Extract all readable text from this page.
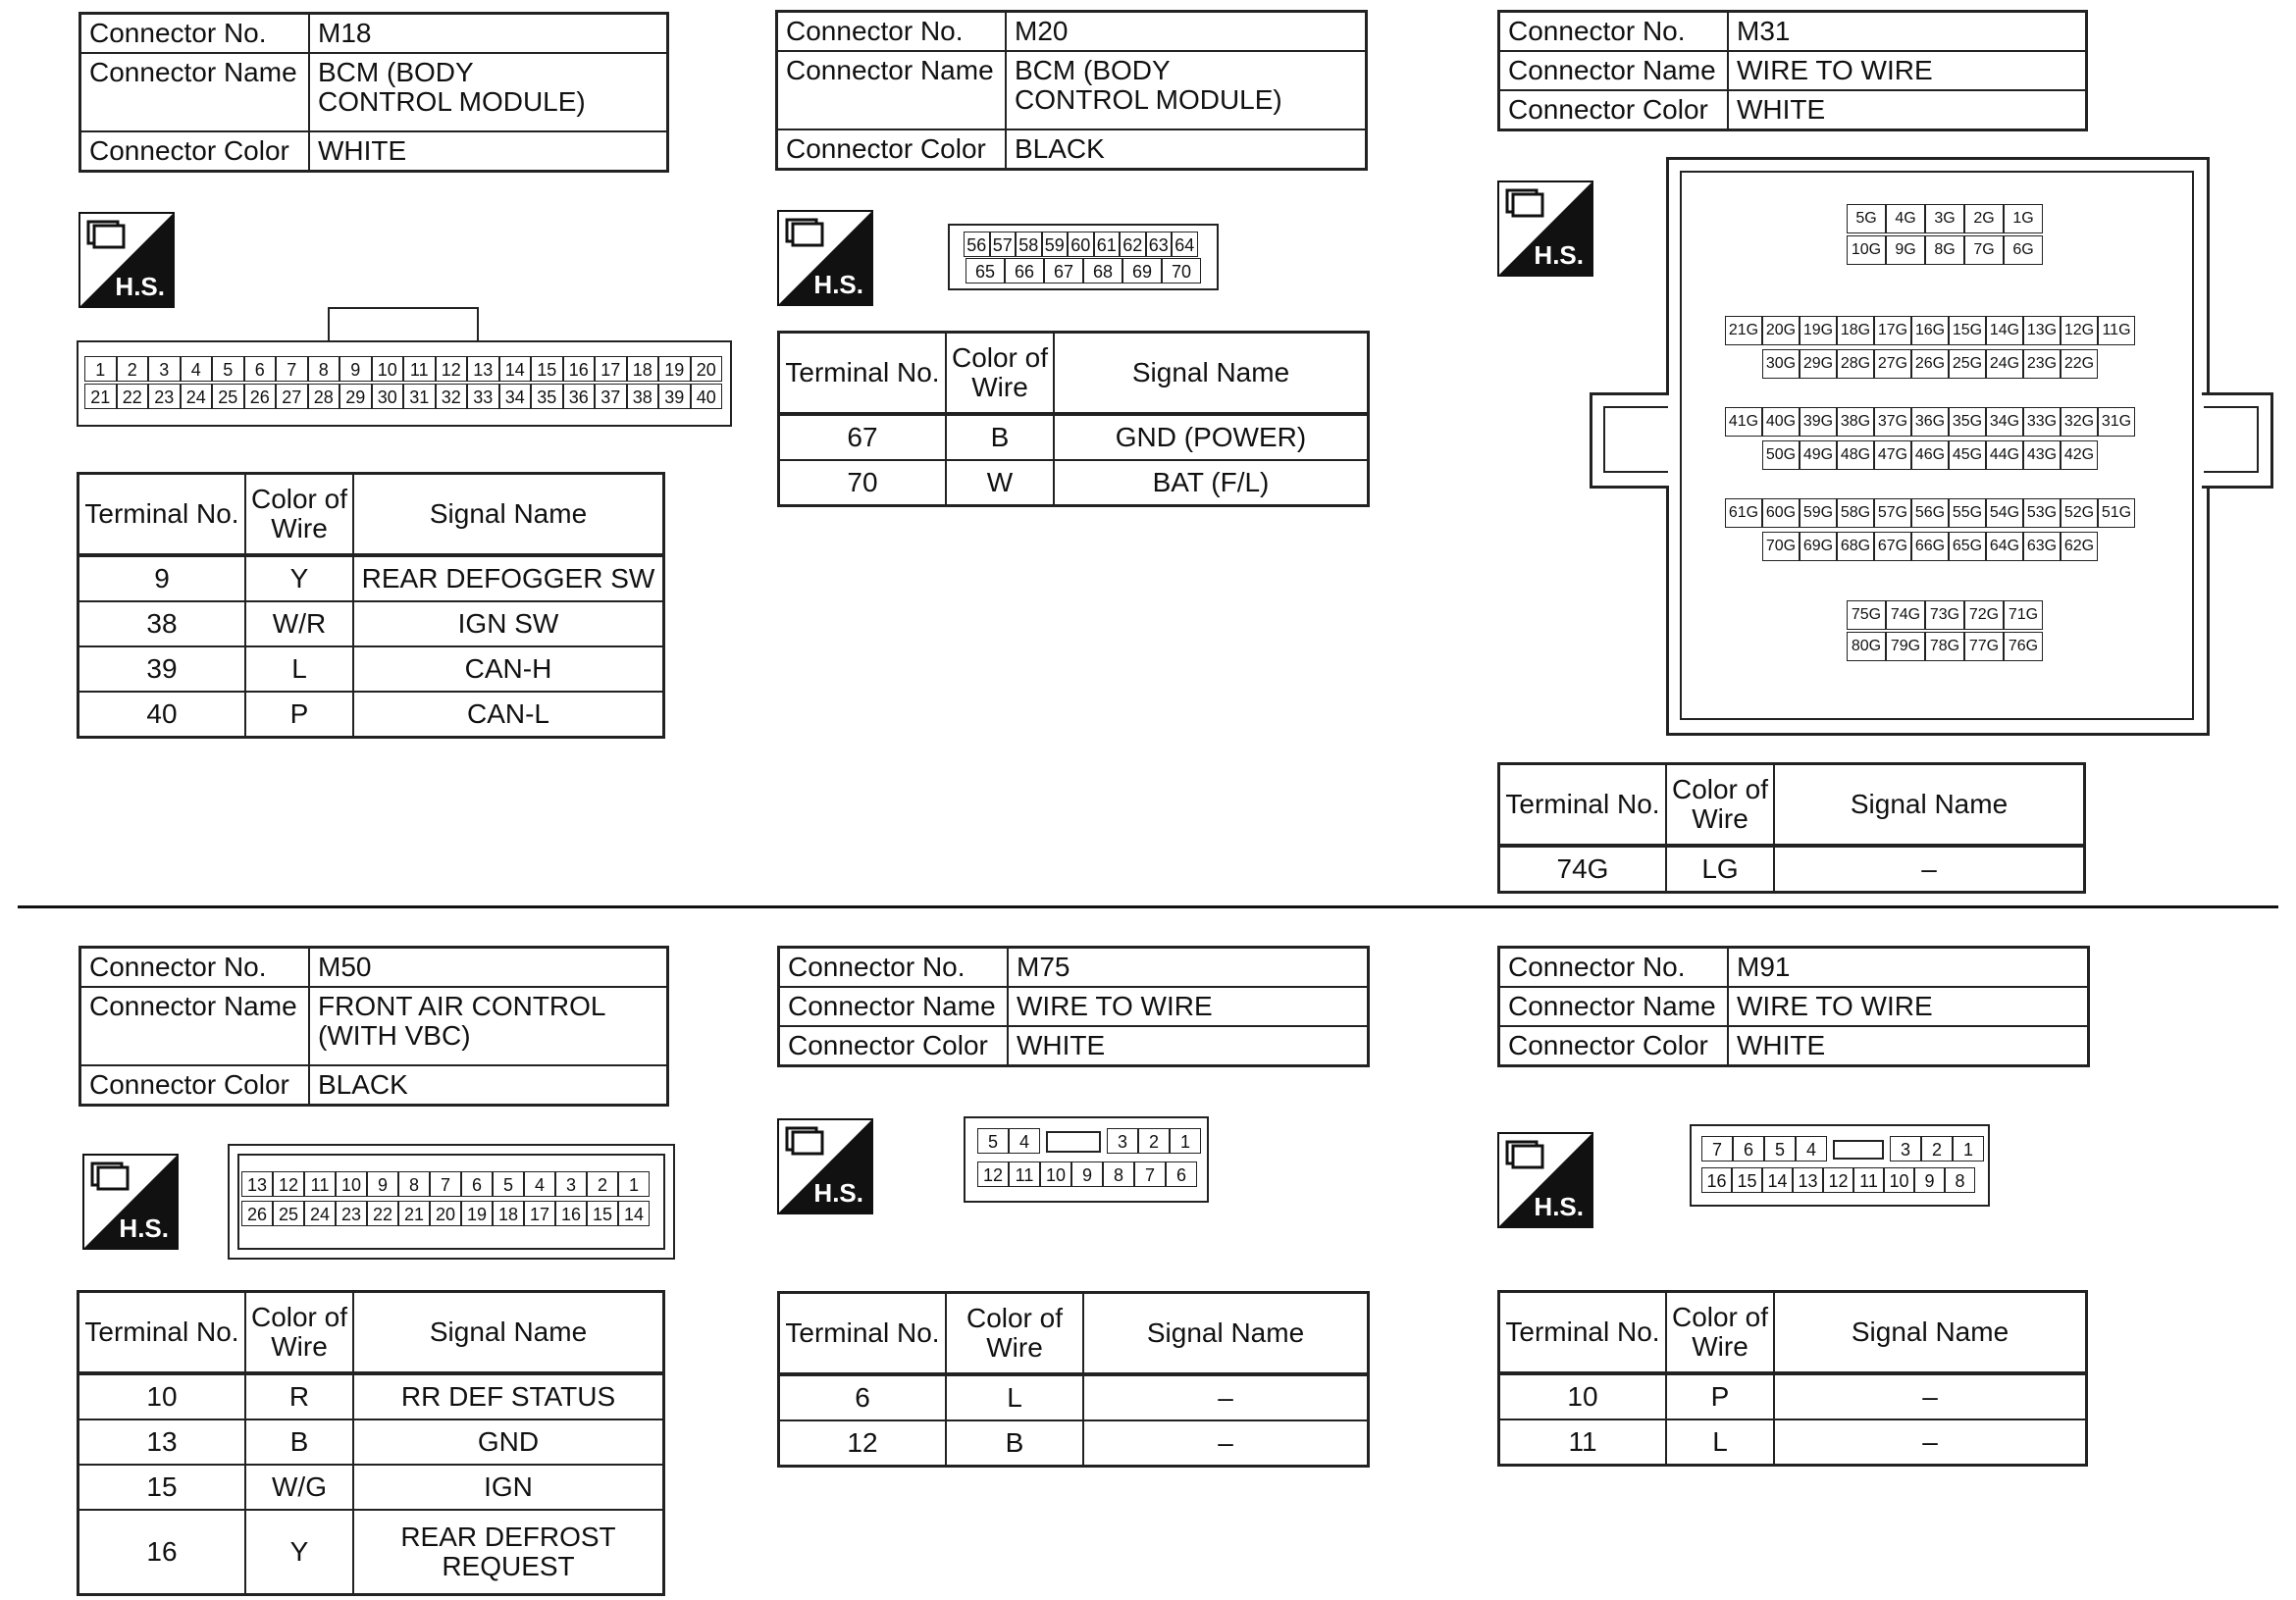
Connector No.	M18
Connector Name	BCM (BODY CONTROL MODULE)
Connector Color	WHITE
H.S.
1	2	3	4	5	6	7	8	9 10 11 12 13 14 15 16 17 18 19 20
21 22 23 24 25 26 27 28 29 30 31 32 33 34 35 36 37 38 39 40
Terminal No.	Color of Wire	Signal Name
9	Y	REAR DEFOGGER SW
38	W/R	IGN SW
39	L	CAN-H
40	P	CAN-L
Connector No.	M20
Connector Name	BCM (BODY CONTROL MODULE)
Connector Color	BLACK
H.S.
56 57 58 59 60 61 62 63 64
65	66	67	68	69	70
Terminal No.	Color of Wire	Signal Name
67	B	GND (POWER)
70	W	BAT (F/L)
Connector No.	M31
Connector Name	WIRE TO WIRE
Connector Color	WHITE
H.S.
5G	4G	3G	2G	1G
10G 9G	8G	7G	6G
21G 20G 19G 18G 17G 16G 15G 14G 13G 12G 11G
30G 29G 28G 27G 26G 25G 24G 23G 22G
41G 40G 39G 38G 37G 36G 35G 34G 33G 32G 31G
50G 49G 48G 47G 46G 45G 44G 43G 42G
61G 60G 59G 58G 57G 56G 55G 54G 53G 52G 51G
70G 69G 68G 67G 66G 65G 64G 63G 62G
75G 74G 73G 72G 71G
80G 79G 78G 77G 76G
Terminal No.	Color of Wire	Signal Name
74G	LG	–
Connector No.	M50
Connector Name	FRONT AIR CONTROL (WITH VBC)
Connector Color	BLACK
H.S.
13 12 11 10 9	8	7	6	5	4	3	2	1
26 25 24 23 22 21 20 19 18 17 16 15 14
Terminal No.	Color of Wire	Signal Name
10	R	RR DEF STATUS
13	B	GND
15	W/G	IGN
16	Y	REAR DEFROST REQUEST
Connector No.	M75
Connector Name	WIRE TO WIRE
Connector Color	WHITE
H.S.
5	4	3	2	1
12 11 10 9	8	7	6
Terminal No.	Color of Wire	Signal Name
6	L	–
12	B	–
Connector No.	M91
Connector Name	WIRE TO WIRE
Connector Color	WHITE
H.S.
7	6	5	4	3	2	1
16 15 14 13 12 11 10 9	8
Terminal No.	Color of Wire	Signal Name
10	P	–
11	L	–
